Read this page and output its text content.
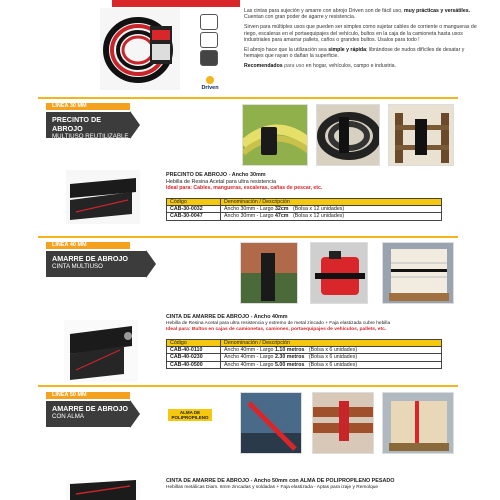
Driven

Las cintas para sujeción y amarre con abrojo Driven son de fácil uso, muy prácticas y versátiles. Cuentan con gran poder de agarre y resistencia.

Sirven para múltiples usos que pueden ser simples como sujetar cables de corriente o mangueras de riego, escaleras en el portaequipajes del vehículo, bultos en la caja de la camioneta hasta usos industriales para amarrar pallets, caños o grandes bultos. Usalos para todo !

El abrojo hace que la utilización sea simple y rápida; librándose de nudos difíciles de desatar y hemajes que rayan o dañan la superficie.

Recomendados para uso en hogar, vehículos, campo e industria.

LÍNEA 30 MM
PRECINTO DE ABROJO
MULTIUSO REUTILIZABLE
PRECINTO DE ABROJO - Ancho 30mm
Hebilla de Resina Acetal para ultra resistencia
Ideal para: Cables, mangueras, escaleras, cañas de pescar, etc.
Código	Denominación / Descripción
CAB-30-0032	Ancho 30mm - Largo 32cm (Bolsa x 12 unidades)
CAB-30-0047	Ancho 30mm - Largo 47cm (Bolsa x 12 unidades)
LÍNEA 40 MM
AMARRE DE ABROJO
CINTA MULTIUSO
CINTA DE AMARRE DE ABROJO - Ancho 40mm
Hebilla de Resina Acetal para ultra resistencia y extremo de metal zincado + Faja elastizada cubre hebilla
Ideal para: Bultos en cajas de camionetas, camiones, portaequipajes de vehículos, pallets, etc.
Código	Denominación / Descripción
CAB-40-0110	Ancho 40mm - Largo 1.10 metros (Bolsa x 6 unidades)
CAB-40-0230	Ancho 40mm - Largo 2.30 metros (Bolsa x 6 unidades)
CAB-40-0500	Ancho 40mm - Largo 5.00 metros (Bolsa x 6 unidades)
LÍNEA 50 MM
AMARRE DE ABROJO
CON ALMA
ALMA DE POLIPROPILENO
CINTA DE AMARRE DE ABROJO - Ancho 50mm con ALMA DE POLIPROPILENO PESADO
Hebillas metálicas Diam. 6mm zincadas y soldadas + Faja elastizada - Aptas para izaje y Remolque
